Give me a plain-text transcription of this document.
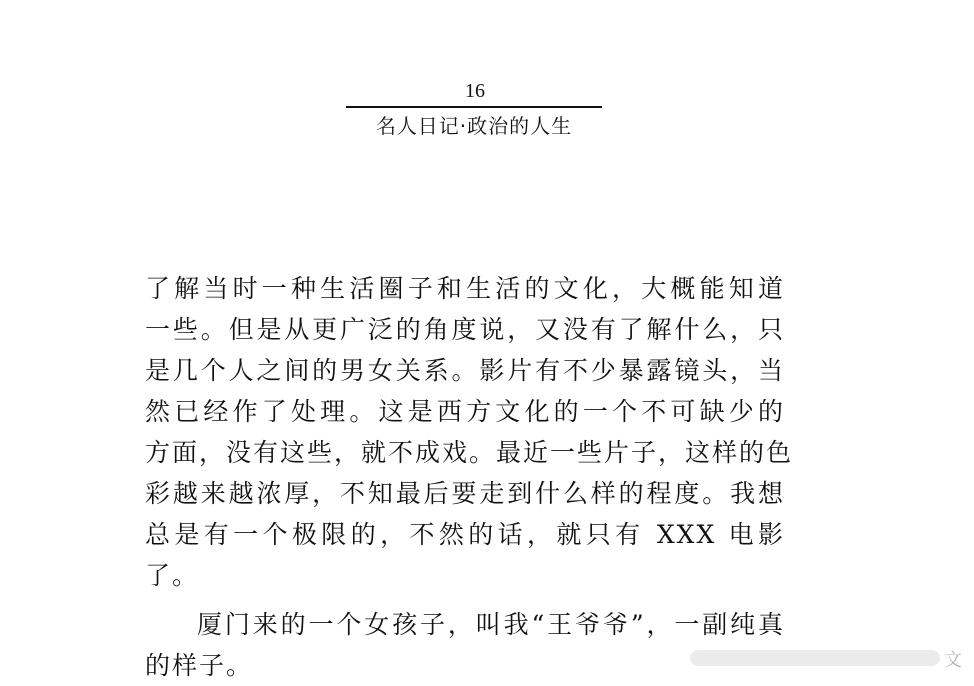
16
名人日记·政治的人生
了解当时一种生活圈子和生活的文化，大概能知道
一些。但是从更广泛的角度说，又没有了解什么，只
是几个人之间的男女关系。影片有不少暴露镜头，当
然已经作了处理。这是西方文化的一个不可缺少的
方面，没有这些，就不成戏。最近一些片子，这样的色
彩越来越浓厚，不知最后要走到什么样的程度。我想
总是有一个极限的，不然的话，就只有 XXX 电影
了。
厦门来的一个女孩子，叫我“王爷爷”，一副纯真
的样子。	文
